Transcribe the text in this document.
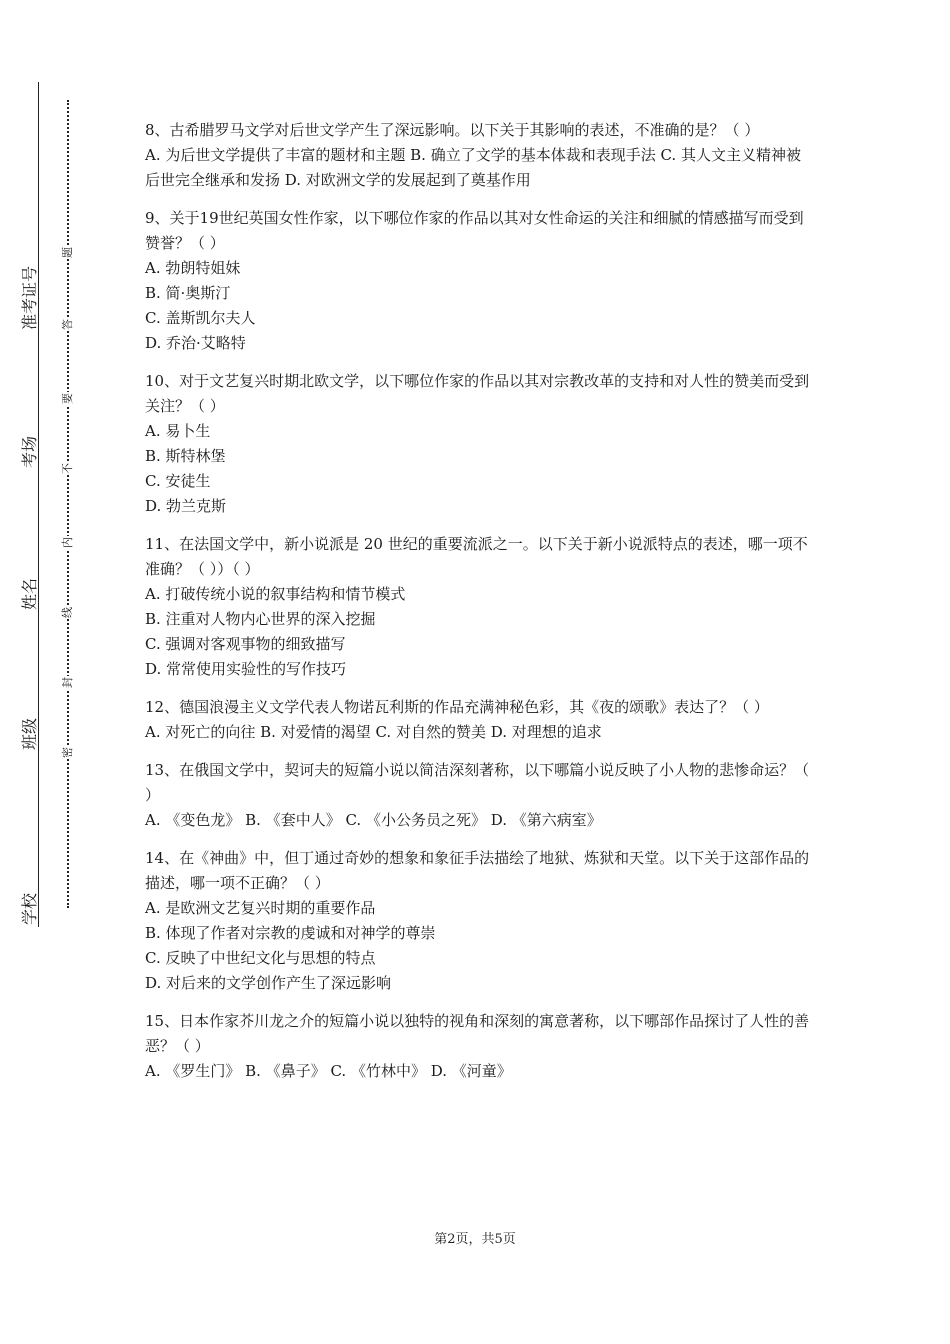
学校
班级
姓名
考场
准考证号
密
封
线
内
不
要
答
题

8、古希腊罗马文学对后世文学产生了深远影响。以下关于其影响的表述，不准确的是？（ ）

A. 为后世文学提供了丰富的题材和主题 B. 确立了文学的基本体裁和表现手法 C. 其人文主义精神被后世完全继承和发扬 D. 对欧洲文学的发展起到了奠基作用

9、关于19世纪英国女性作家，以下哪位作家的作品以其对女性命运的关注和细腻的情感描写而受到赞誉？（ ）

A. 勃朗特姐妹

B. 简·奥斯汀

C. 盖斯凯尔夫人

D. 乔治·艾略特

10、对于文艺复兴时期北欧文学，以下哪位作家的作品以其对宗教改革的支持和对人性的赞美而受到关注？（ ）

A. 易卜生

B. 斯特林堡

C. 安徒生

D. 勃兰克斯

11、在法国文学中，新小说派是 20 世纪的重要流派之一。以下关于新小说派特点的表述，哪一项不准确？（ ））（ ）

A. 打破传统小说的叙事结构和情节模式

B. 注重对人物内心世界的深入挖掘

C. 强调对客观事物的细致描写

D. 常常使用实验性的写作技巧

12、德国浪漫主义文学代表人物诺瓦利斯的作品充满神秘色彩，其《夜的颂歌》表达了？（ ）

A. 对死亡的向往 B. 对爱情的渴望 C. 对自然的赞美 D. 对理想的追求

13、在俄国文学中，契诃夫的短篇小说以简洁深刻著称，以下哪篇小说反映了小人物的悲惨命运？（ ）

A. 《变色龙》 B. 《套中人》 C. 《小公务员之死》 D. 《第六病室》

14、在《神曲》中，但丁通过奇妙的想象和象征手法描绘了地狱、炼狱和天堂。以下关于这部作品的描述，哪一项不正确？（ ）

A. 是欧洲文艺复兴时期的重要作品

B. 体现了作者对宗教的虔诚和对神学的尊崇

C. 反映了中世纪文化与思想的特点

D. 对后来的文学创作产生了深远影响

15、日本作家芥川龙之介的短篇小说以独特的视角和深刻的寓意著称，以下哪部作品探讨了人性的善恶？（ ）

A. 《罗生门》 B. 《鼻子》 C. 《竹林中》 D. 《河童》

第2页，共5页
